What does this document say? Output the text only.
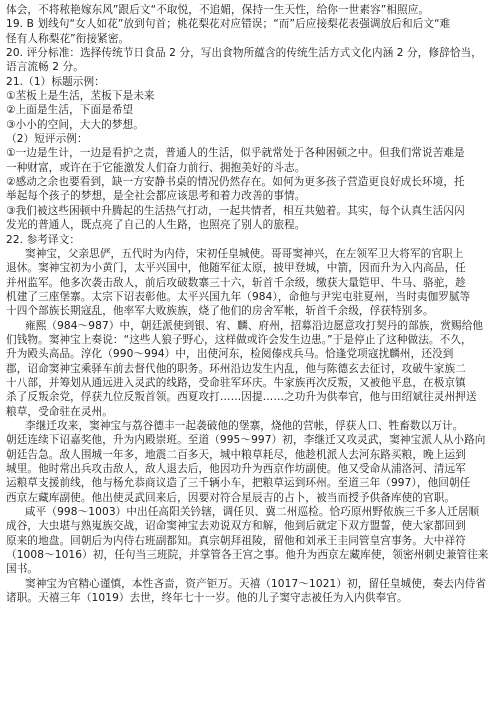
体会，不将秾艳嫁东风”跟后文“不取悦，不追媚，保持一生天性，给你一世素容”相照应。
19. B 划线句“女人如花”放到句首；桃花梨花对应错误；“而”后应接梨花表强调放后和后文“难
怪有人称梨花”衔接紧密。
20. 评分标准：选择传统节日食品 2 分，写出食物所蕴含的传统生活方式文化内涵 2 分，修辞恰当，
语言流畅 2 分。
21.（1）标题示例：
①苤板上是生活，苤板下是未来
②上面是生活，下面是希望
③小小的空间，大大的梦想。
（2）短评示例：
①一边是生计，一边是看护之责，普通人的生活，似乎就常处于各种困顿之中。但我们常说苦难是
一种财富，或许在于它能激发人们奋力前行、拥抱美好的斗志。
②感动之余也要看到，缺一方安静书桌的情况仍然存在。如何为更多孩子营造更良好成长环境，托
举起每个孩子的梦想，是全社会都应该思考和着力改善的事情。
③我们被这些困顿中升腾起的生活热气打动，一起共情者，相互共勉着。其实，每个认真生活闪闪
发光的普通人，既点亮了自己的人生路，也照亮了别人的旅程。
22. 参考译文：
窦神宝，父亲思俨，五代时为内侍，宋初任皇城使。哥哥窦神兴，在左领军卫大将军的官职上
退休。窦神宝初为小黄门，太平兴国中，他随军征太原，披甲登城，中箭，因而升为入内高品，任
并州监军。他多次袭击敌人，前后攻破数寨三十六，斩首千余级，缴获大量铠甲、牛马、骆驼，趁
机建了三座堡寨。太宗下诏表彰他。太平兴国九年（984），命他与尹宪屯驻夏州，当时夷伽罗腻等
十四个部族长期寇乱，他率军大败族族，烧了他们的房舍军帐，斩首千余级，俘获特别多。
雍熙（984～987）中，朝廷派使到银、宥、麟、府州，招募沿边愿意攻打契丹的部族，赏赐给他
们钱物。窦神宝上奏说：“这些人狼子野心，这样做或许会发生边患。”于是停止了这种做法。不久，
升为殿头高品。淳化（990～994）中，出使河东，检阅傣戍兵马。恰逢党项寇扰麟州，还没到
郡，诏命窦神宝乘驿车前去督代他的职务。环州沿边发生内乱，他与陈德玄去征讨，攻破牛家族二
十八部，并筹划从通远进入灵武的线路，受命驻军环庆。牛家族再次反叛，又被他平息，在极京镇
杀了反叛余党，俘获九位反叛首领。西夏攻打……因提……之功升为供奉官，他与田绍斌往灵州押送
粮草，受命驻在灵州。
李继迁攻来，窦神宝与荔谷德丰一起袭破他的堡寨，烧他的营帐，俘获人口、牲畜数以万计。
朝廷连续下诏嘉奖他，升为内殿崇班。至道（995～997）初，李继迁又攻灵武，窦神宝派人从小路向
朝廷告急。敌人围城一年多，地震二百多天，城中粮草耗尽，他趁机派人去河东路买粮，晚上运到
城里。他时常出兵攻击敌人，敌人退去后，他因功升为西京作坊副使。他又受命从浦洛河、清远军
运粮草支援前线，他与杨允恭商议造了三千辆小车，把粮草运到环州。至道三年（997），他回朝任
西京左藏库副使。他出使灵武回来后，因要对符合星辰吉的占卜，被当而授予供备库使的官职。
咸平（998～1003）中出任高阳关钤辖，调任贝、冀二州巡检。恰巧原州野侬族三千多人迁居顺
成谷，大虫堪与熟嵬族交战，诏命窦神宝去劝说双方和解，他到后就定下双方盟誓，使大家都回到
原来的地盘。回朝后为内侍右班副都知。真宗朝拜祖陵，留他和刘承王圭同管皇宫事务。大中祥符
（1008～1016）初，任句当三班院，并掌管各王宫之事。他升为西京左藏库使，领密州刺史兼管往来
国书。
窦神宝为官精心谨慎，本性吝啬，资产钜万。天禧（1017～1021）初，留任皇城使，奏去内侍省
诸职。天禧三年（1019）去世，终年七十一岁。他的儿子窦守志被任为入内供奉官。
